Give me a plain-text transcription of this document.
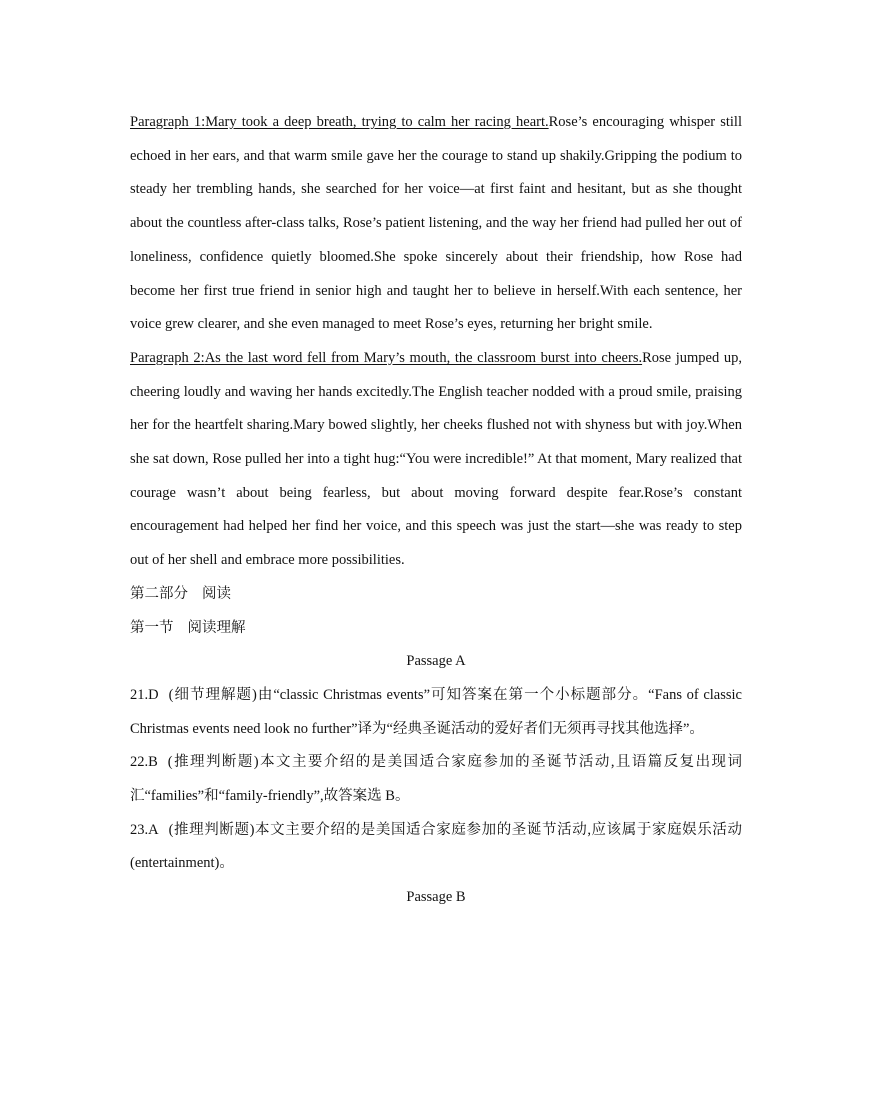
Paragraph 1:Mary took a deep breath, trying to calm her racing heart.Rose’s encouraging whisper still echoed in her ears, and that warm smile gave her the courage to stand up shakily.Gripping the podium to steady her trembling hands, she searched for her voice—at first faint and hesitant, but as she thought about the countless after-class talks, Rose’s patient listening, and the way her friend had pulled her out of loneliness, confidence quietly bloomed.She spoke sincerely about their friendship, how Rose had become her first true friend in senior high and taught her to believe in herself.With each sentence, her voice grew clearer, and she even managed to meet Rose’s eyes, returning her bright smile.

Paragraph 2:As the last word fell from Mary’s mouth, the classroom burst into cheers.Rose jumped up, cheering loudly and waving her hands excitedly.The English teacher nodded with a proud smile, praising her for the heartfelt sharing.Mary bowed slightly, her cheeks flushed not with shyness but with joy.When she sat down, Rose pulled her into a tight hug:“You were incredible!” At that moment, Mary realized that courage wasn’t about being fearless, but about moving forward despite fear.Rose’s constant encouragement had helped her find her voice, and this speech was just the start—she was ready to step out of her shell and embrace more possibilities.

第二部分 阅读

第一节 阅读理解

Passage A

21.D (细节理解题)由“classic Christmas events”可知答案在第一个小标题部分。“Fans of classic Christmas events need look no further”译为“经典圣诞活动的爱好者们无须再寻找其他选择”。

22.B (推理判断题)本文主要介绍的是美国适合家庭参加的圣诞节活动,且语篇反复出现词汇“families”和“family-friendly”,故答案选 B。

23.A (推理判断题)本文主要介绍的是美国适合家庭参加的圣诞节活动,应该属于家庭娱乐活动 (entertainment)。

Passage B
